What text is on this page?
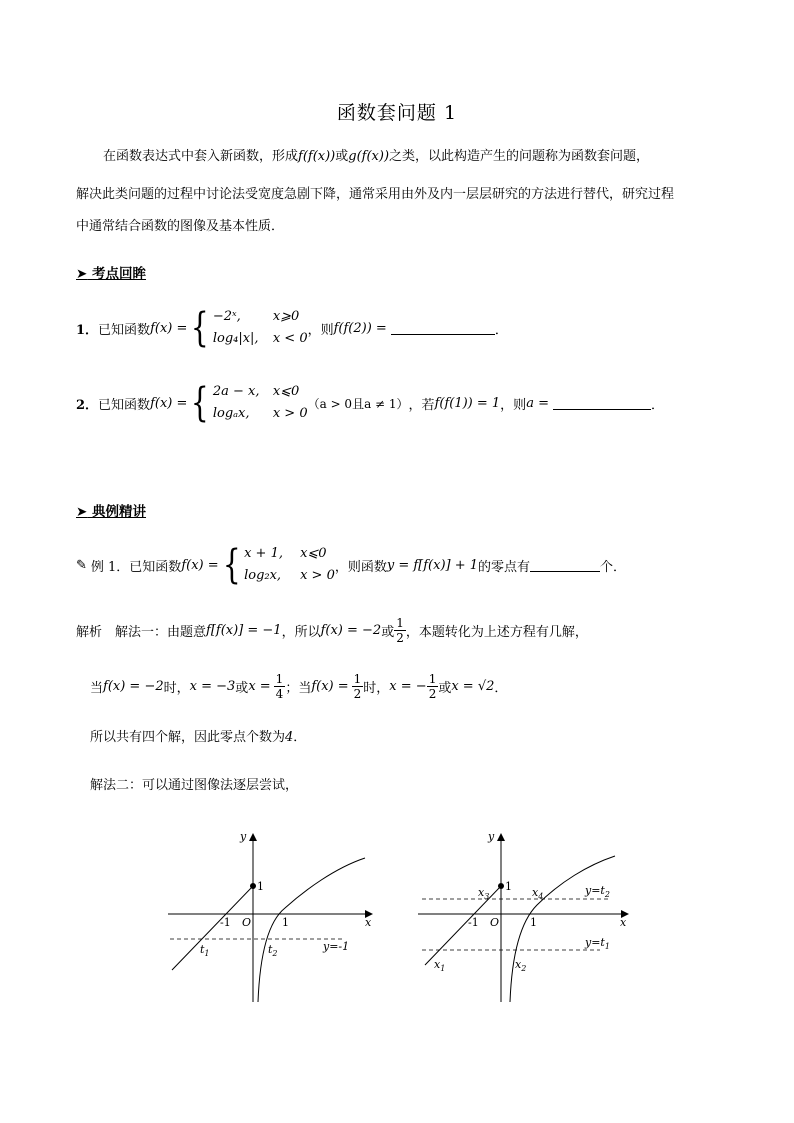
函数套问题 1
在函数表达式中套入新函数，形成f(f(x))或g(f(x))之类，以此构造产生的问题称为函数套问题，
解决此类问题的过程中讨论法受宽度急剧下降，通常采用由外及内一层层研究的方法进行替代，研究过程
中通常结合函数的图像及基本性质．
➤ 考点回眸
1． 已知函数 f(x) = { −2ˣ, x⩾0
log₄|x|, x < 0
，则 f(f(2)) =	．
2． 已知函数 f(x) = { 2a − x, x⩽0
logₐx, x > 0
（a > 0且a ≠ 1） ，若 f(f(1)) = 1 ，则 a =	．
➤ 典例精讲
✎ 例 1．已知函数 f(x) = { x + 1, x⩽0
log₂x, x > 0
，则函数 y = f[f(x)] + 1 的零点有	个．
解析　解法一：由题意 f[f(x)] = −1 ，所以 f(x) = −2 或 $\frac{1}{2}$ ，本题转化为上述方程有几解，
当 f(x) = −2 时， x = −3 或 $x = \frac{1}{4}$ ；当 $f(x) = \frac{1}{2}$ 时， x = − $\frac{1}{2}$ 或 x = √2 ．
所以共有四个解，因此零点个数为4．
解法二：可以通过图像法逐层尝试，
y
x
O
1
-1	1
$t_1$	$t_2$
y=-1
y
x
O
1
-1	1
$x_3$	$x_4$
$x_1$	$x_2$
$y=t_2$
$y=t_1$
